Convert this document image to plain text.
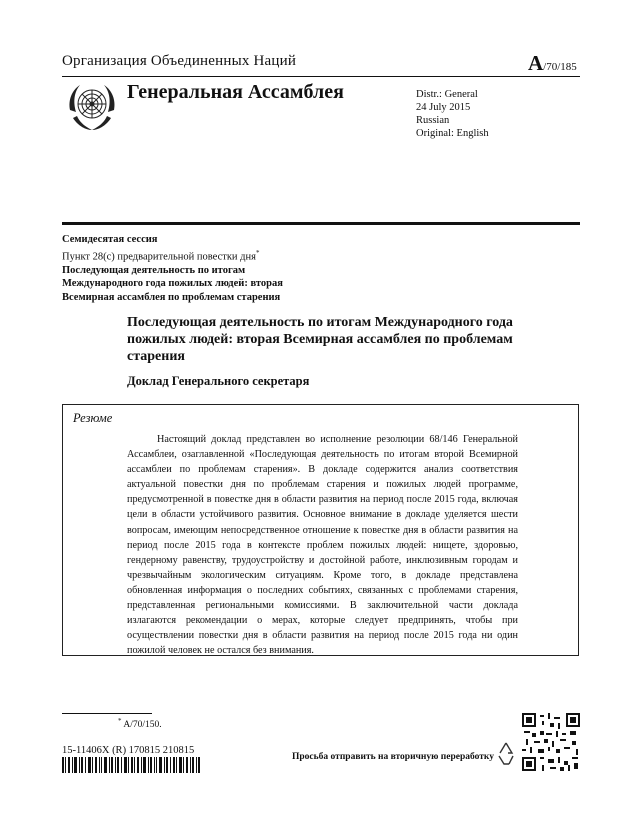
Организация Объединенных Наций	A/70/185
Генеральная Ассамблея	Distr.: General
24 July 2015
Russian
Original: English
Семидесятая сессия
Пункт 28(c) предварительной повестки дня*
Последующая деятельность по итогам
Международного года пожилых людей: вторая
Всемирная ассамблея по проблемам старения
Последующая деятельность по итогам Международного года пожилых людей: вторая Всемирная ассамблея по проблемам старения
Доклад Генерального секретаря
Резюме

Настоящий доклад представлен во исполнение резолюции 68/146 Генеральной Ассамблеи, озаглавленной «Последующая деятельность по итогам второй Всемирной ассамблеи по проблемам старения». В докладе содержится анализ соответствия актуальной повестки дня по проблемам старения и пожилых людей программе, предусмотренной в повестке дня в области развития на период после 2015 года, включая цели в области устойчивого развития. Основное внимание в докладе уделяется шести вопросам, имеющим непосредственное отношение к повестке дня в области развития на период после 2015 года в контексте проблем пожилых людей: нищете, здоровью, гендерному равенству, трудоустройству и достойной работе, инклюзивным городам и чрезвычайным экологическим ситуациям. Кроме того, в докладе представлена обновленная информация о последних событиях, связанных с проблемами старения, представленная региональными комиссиями. В заключительной части доклада излагаются рекомендации о мерах, которые следует предпринять, чтобы при осуществлении повестки дня в области развития на период после 2015 года ни один пожилой человек не остался без внимания.

* A/70/150.
15-11406X (R) 170815 210815
Просьба отправить на вторичную переработку
